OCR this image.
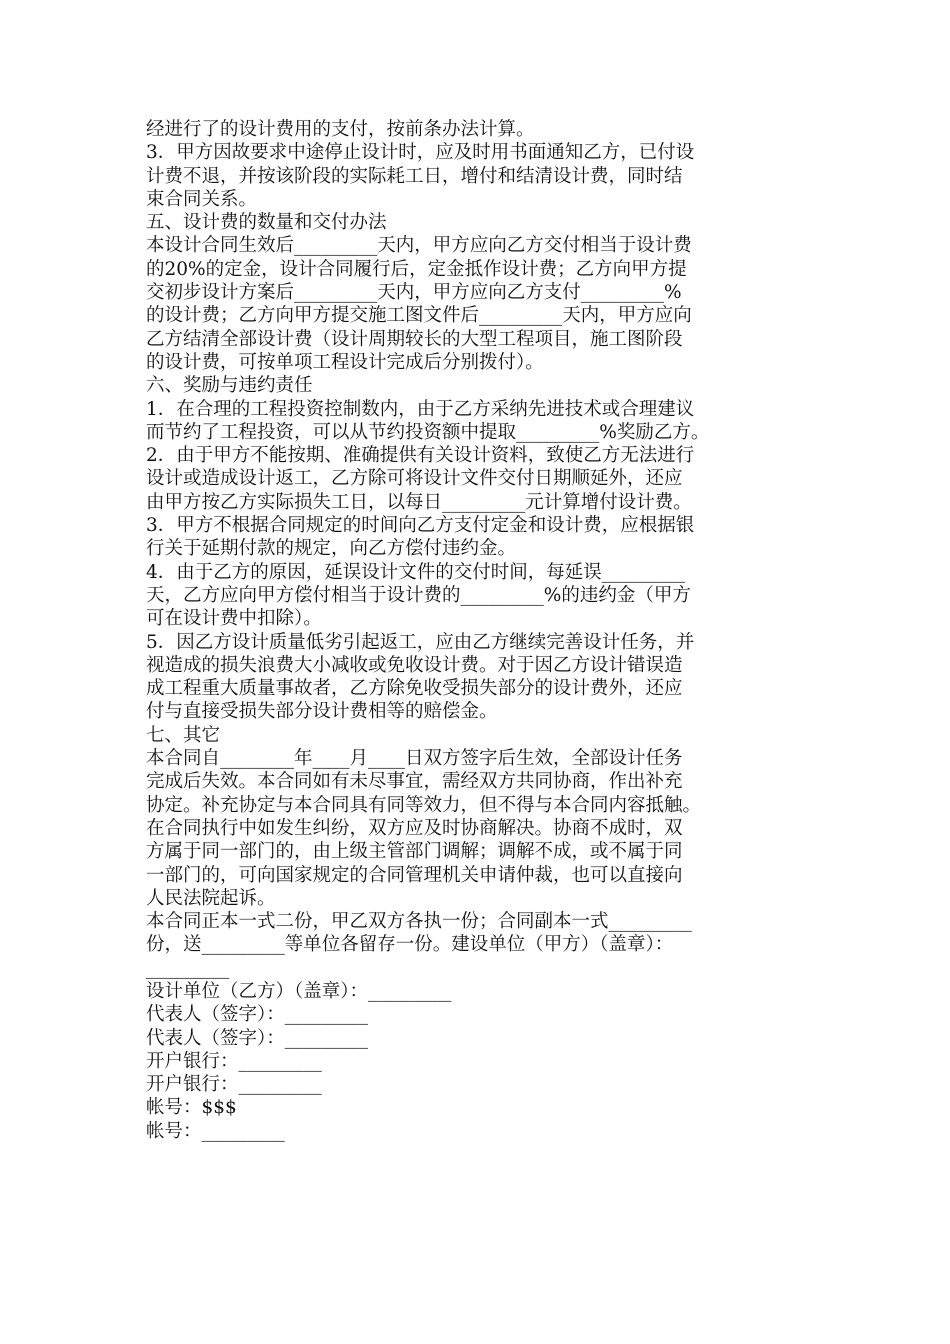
经进行了的设计费用的支付，按前条办法计算。
3．甲方因故要求中途停止设计时，应及时用书面通知乙方，已付设
计费不退，并按该阶段的实际耗工日，增付和结清设计费，同时结
束合同关系。
五、设计费的数量和交付办法
本设计合同生效后_________天内，甲方应向乙方交付相当于设计费
的20%的定金，设计合同履行后，定金抵作设计费；乙方向甲方提
交初步设计方案后_________天内，甲方应向乙方支付_________%
的设计费；乙方向甲方提交施工图文件后_________天内，甲方应向
乙方结清全部设计费（设计周期较长的大型工程项目，施工图阶段
的设计费，可按单项工程设计完成后分别拨付）。
六、奖励与违约责任
1．在合理的工程投资控制数内，由于乙方采纳先进技术或合理建议
而节约了工程投资，可以从节约投资额中提取_________%奖励乙方。
2．由于甲方不能按期、准确提供有关设计资料，致使乙方无法进行
设计或造成设计返工，乙方除可将设计文件交付日期顺延外，还应
由甲方按乙方实际损失工日，以每日_________元计算增付设计费。
3．甲方不根据合同规定的时间向乙方支付定金和设计费，应根据银
行关于延期付款的规定，向乙方偿付违约金。
4．由于乙方的原因，延误设计文件的交付时间，每延误_________
天，乙方应向甲方偿付相当于设计费的_________%的违约金（甲方
可在设计费中扣除）。
5．因乙方设计质量低劣引起返工，应由乙方继续完善设计任务，并
视造成的损失浪费大小减收或免收设计费。对于因乙方设计错误造
成工程重大质量事故者，乙方除免收受损失部分的设计费外，还应
付与直接受损失部分设计费相等的赔偿金。
七、其它
本合同自________年____月____日双方签字后生效，全部设计任务
完成后失效。本合同如有未尽事宜，需经双方共同协商，作出补充
协定。补充协定与本合同具有同等效力，但不得与本合同内容抵触。
在合同执行中如发生纠纷，双方应及时协商解决。协商不成时，双
方属于同一部门的，由上级主管部门调解；调解不成，或不属于同
一部门的，可向国家规定的合同管理机关申请仲裁，也可以直接向
人民法院起诉。
本合同正本一式二份，甲乙双方各执一份；合同副本一式_________
份，送_________等单位各留存一份。建设单位（甲方）（盖章）：
_________
设计单位（乙方）（盖章）：_________
代表人（签字）：_________
代表人（签字）：_________
开户银行：_________
开户银行：_________
帐号：$$$
帐号：_________
